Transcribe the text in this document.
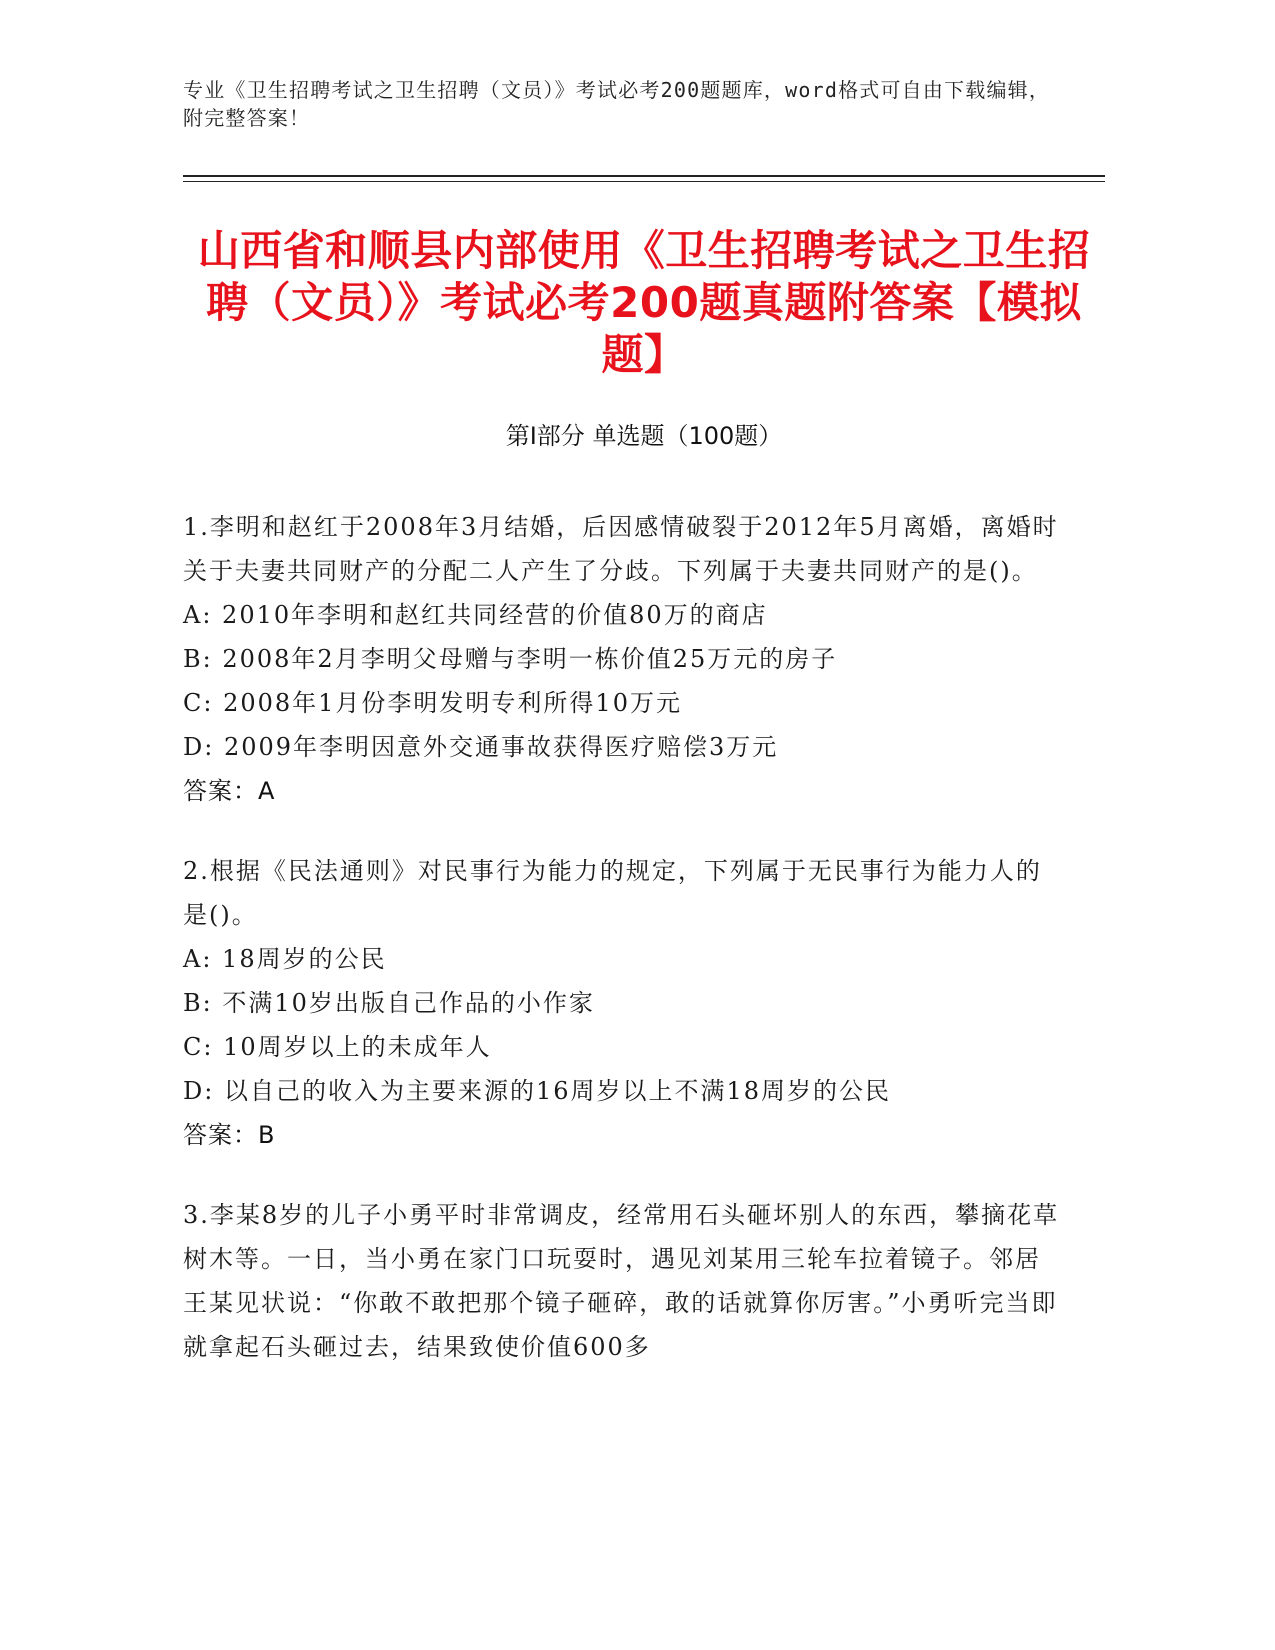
专业《卫生招聘考试之卫生招聘（文员）》考试必考200题题库，word格式可自由下载编辑，附完整答案！
山西省和顺县内部使用《卫生招聘考试之卫生招聘（文员）》考试必考200题真题附答案【模拟题】
第Ⅰ部分 单选题（100题）

1.李明和赵红于2008年3月结婚，后因感情破裂于2012年5月离婚，离婚时关于夫妻共同财产的分配二人产生了分歧。下列属于夫妻共同财产的是()。

A: 2010年李明和赵红共同经营的价值80万的商店

B: 2008年2月李明父母赠与李明一栋价值25万元的房子

C: 2008年1月份李明发明专利所得10万元

D: 2009年李明因意外交通事故获得医疗赔偿3万元

答案：A

2.根据《民法通则》对民事行为能力的规定，下列属于无民事行为能力人的是()。

A: 18周岁的公民

B: 不满10岁出版自己作品的小作家

C: 10周岁以上的未成年人

D: 以自己的收入为主要来源的16周岁以上不满18周岁的公民

答案：B

3.李某8岁的儿子小勇平时非常调皮，经常用石头砸坏别人的东西，攀摘花草树木等。一日，当小勇在家门口玩耍时，遇见刘某用三轮车拉着镜子。邻居王某见状说：“你敢不敢把那个镜子砸碎，敢的话就算你厉害。”小勇听完当即就拿起石头砸过去，结果致使价值600多
